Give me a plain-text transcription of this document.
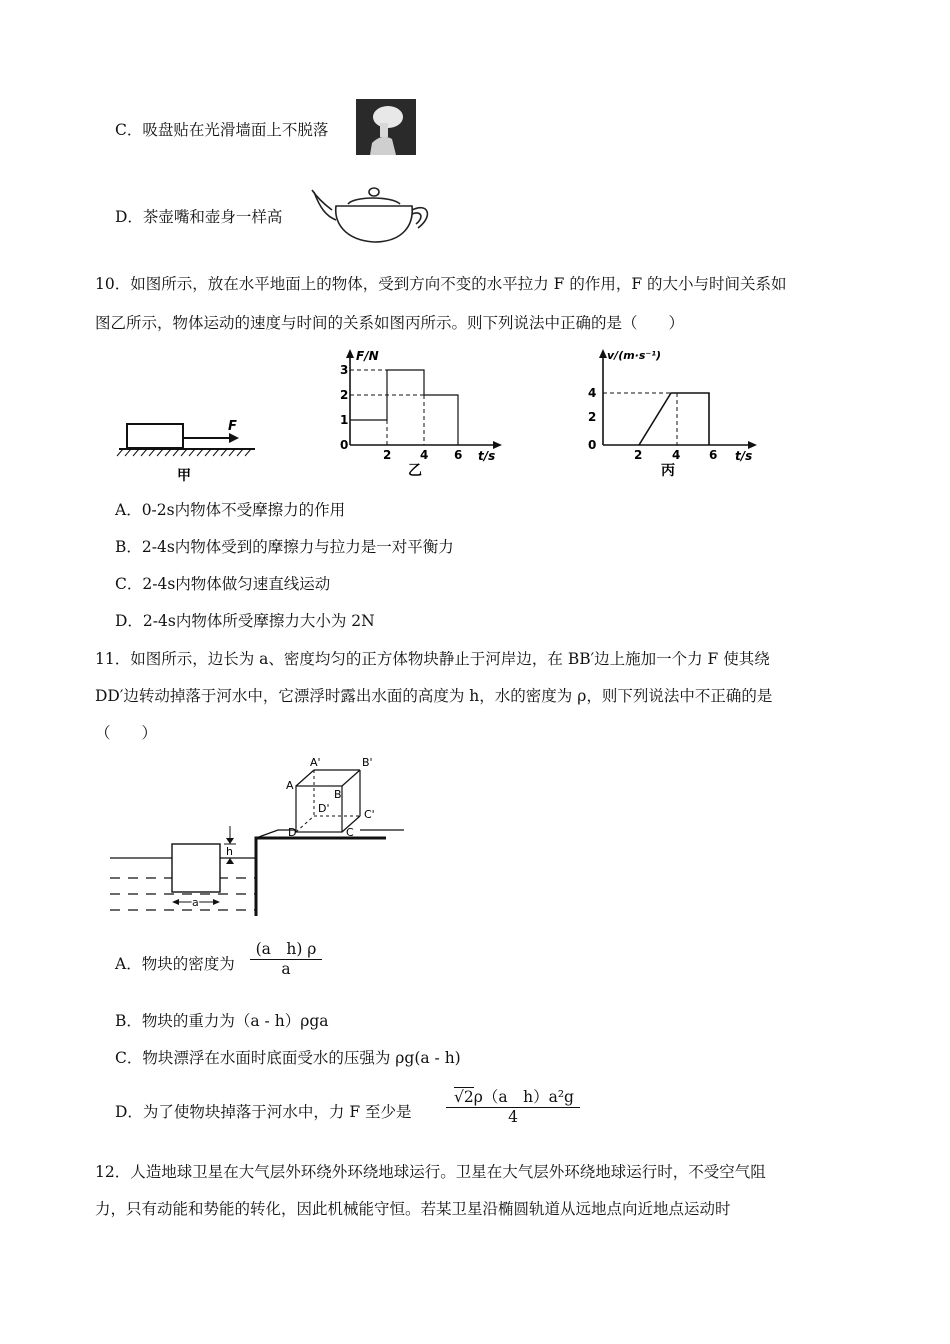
C．吸盘贴在光滑墙面上不脱落
D．茶壶嘴和壶身一样高
10．如图所示，放在水平地面上的物体，受到方向不变的水平拉力 F 的作用，F 的大小与时间关系如
图乙所示，物体运动的速度与时间的关系如图丙所示。则下列说法中正确的是（　　）
F
甲
F/N
t/s
0
1
2
3
2 4 6
乙
v/(m·s⁻¹)
t/s
0
2
4
2 4 6
丙
A．0-2s内物体不受摩擦力的作用
B．2-4s内物体受到的摩擦力与拉力是一对平衡力
C．2-4s内物体做匀速直线运动
D．2-4s内物体所受摩擦力大小为 2N
11．如图所示，边长为 a、密度均匀的正方体物块静止于河岸边，在 BB′边上施加一个力 F 使其绕
DD′边转动掉落于河水中，它漂浮时露出水面的高度为 h，水的密度为 ρ，则下列说法中不正确的是
（　　）
h
a
A'	B'
A
B
D'	C'
D	C
A．物块的密度为 $\frac{\text{(a　h) ρ}}{a}$
B．物块的重力为（a - h）ρga
C．物块漂浮在水面时底面受水的压强为 ρg(a - h)
D．为了使物块掉落于河水中，力 F 至少是 $\frac{\text{√2ρ（a　h）a²g}}{4}$
12．人造地球卫星在大气层外环绕外环绕地球运行。卫星在大气层外环绕地球运行时，不受空气阻
力，只有动能和势能的转化，因此机械能守恒。若某卫星沿椭圆轨道从远地点向近地点运动时
